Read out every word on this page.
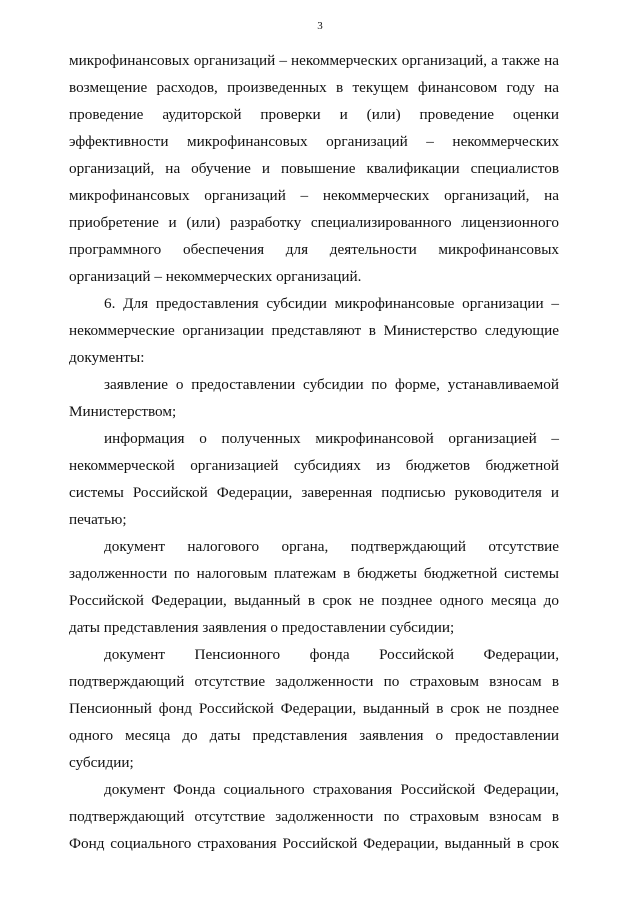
3

микрофинансовых организаций – некоммерческих организаций, а также на возмещение расходов, произведенных в текущем финансовом году на проведение аудиторской проверки и (или) проведение оценки эффективности микрофинансовых организаций – некоммерческих организаций, на обучение и повышение квалификации специалистов микрофинансовых организаций – некоммерческих организаций, на приобретение и (или) разработку специализированного лицензионного программного обеспечения для деятельности микрофинансовых организаций – некоммерческих организаций.

6. Для предоставления субсидии микрофинансовые организации – некоммерческие организации представляют в Министерство следующие документы:

заявление о предоставлении субсидии по форме, устанавливаемой Министерством;

информация о полученных микрофинансовой организацией – некоммерческой организацией субсидиях из бюджетов бюджетной системы Российской Федерации, заверенная подписью руководителя и печатью;

документ налогового органа, подтверждающий отсутствие задолженности по налоговым платежам в бюджеты бюджетной системы Российской Федерации, выданный в срок не позднее одного месяца до даты представления заявления о предоставлении субсидии;

документ Пенсионного фонда Российской Федерации, подтверждающий отсутствие задолженности по страховым взносам в Пенсионный фонд Российской Федерации, выданный в срок не позднее одного месяца до даты представления заявления о предоставлении субсидии;

документ Фонда социального страхования Российской Федерации, подтверждающий отсутствие задолженности по страховым взносам в Фонд социального страхования Российской Федерации, выданный в срок
